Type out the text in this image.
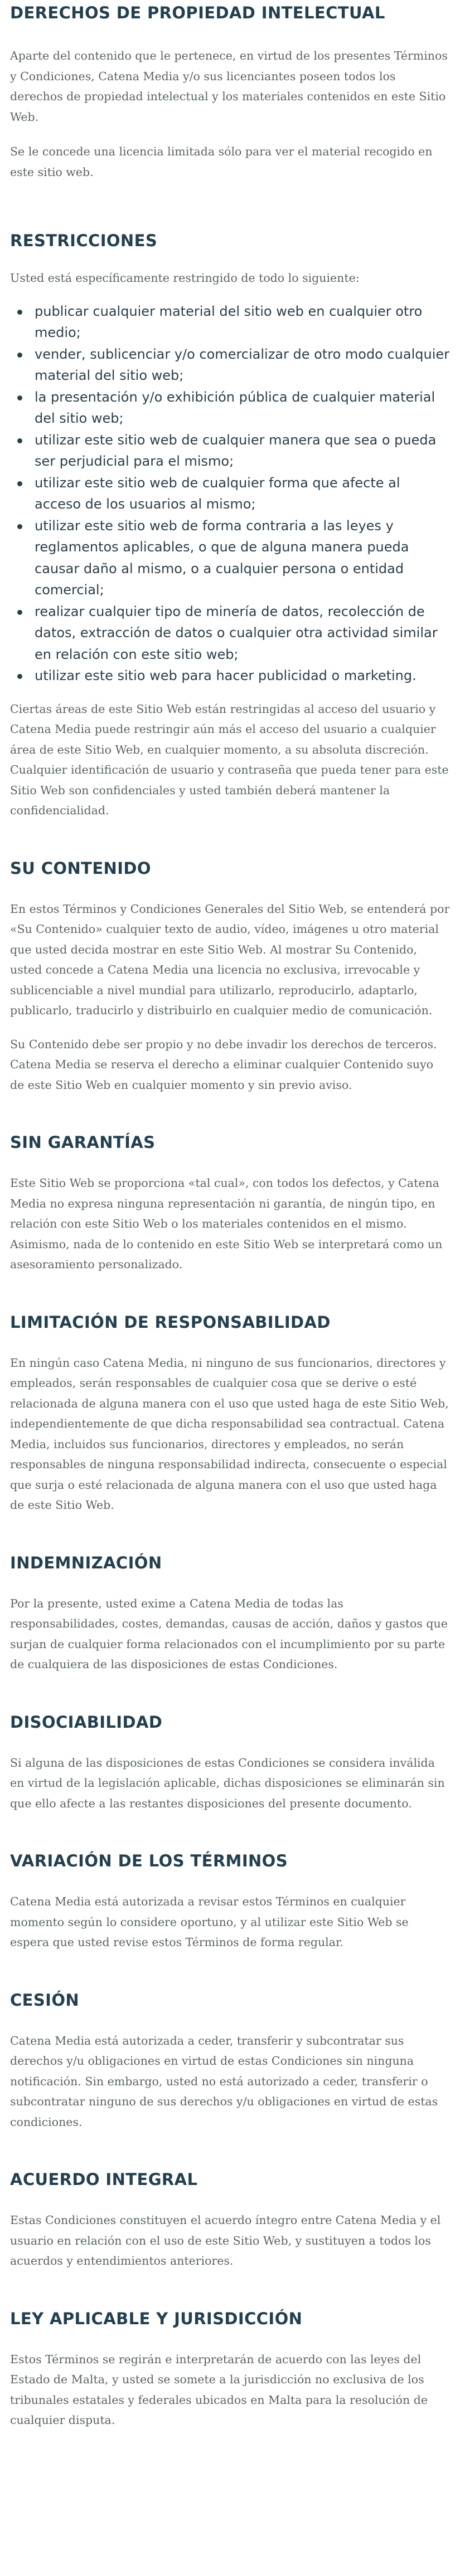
DERECHOS DE PROPIEDAD INTELECTUAL

Aparte del contenido que le pertenece, en virtud de los presentes Términos y Condiciones, Catena Media y/o sus licenciantes poseen todos los derechos de propiedad intelectual y los materiales contenidos en este Sitio Web.

Se le concede una licencia limitada sólo para ver el material recogido en este sitio web.

RESTRICCIONES

Usted está específicamente restringido de todo lo siguiente:

publicar cualquier material del sitio web en cualquier otro medio;
vender, sublicenciar y/o comercializar de otro modo cualquier material del sitio web;
la presentación y/o exhibición pública de cualquier material del sitio web;
utilizar este sitio web de cualquier manera que sea o pueda ser perjudicial para el mismo;
utilizar este sitio web de cualquier forma que afecte al acceso de los usuarios al mismo;
utilizar este sitio web de forma contraria a las leyes y reglamentos aplicables, o que de alguna manera pueda causar daño al mismo, o a cualquier persona o entidad comercial;
realizar cualquier tipo de minería de datos, recolección de datos, extracción de datos o cualquier otra actividad similar en relación con este sitio web;
utilizar este sitio web para hacer publicidad o marketing.

Ciertas áreas de este Sitio Web están restringidas al acceso del usuario y Catena Media puede restringir aún más el acceso del usuario a cualquier área de este Sitio Web, en cualquier momento, a su absoluta discreción. Cualquier identificación de usuario y contraseña que pueda tener para este Sitio Web son confidenciales y usted también deberá mantener la confidencialidad.

SU CONTENIDO

En estos Términos y Condiciones Generales del Sitio Web, se entenderá por «Su Contenido» cualquier texto de audio, vídeo, imágenes u otro material que usted decida mostrar en este Sitio Web. Al mostrar Su Contenido, usted concede a Catena Media una licencia no exclusiva, irrevocable y sublicenciable a nivel mundial para utilizarlo, reproducirlo, adaptarlo, publicarlo, traducirlo y distribuirlo en cualquier medio de comunicación.

Su Contenido debe ser propio y no debe invadir los derechos de terceros. Catena Media se reserva el derecho a eliminar cualquier Contenido suyo de este Sitio Web en cualquier momento y sin previo aviso.

SIN GARANTÍAS

Este Sitio Web se proporciona «tal cual», con todos los defectos, y Catena Media no expresa ninguna representación ni garantía, de ningún tipo, en relación con este Sitio Web o los materiales contenidos en el mismo. Asimismo, nada de lo contenido en este Sitio Web se interpretará como un asesoramiento personalizado.

LIMITACIÓN DE RESPONSABILIDAD

En ningún caso Catena Media, ni ninguno de sus funcionarios, directores y empleados, serán responsables de cualquier cosa que se derive o esté relacionada de alguna manera con el uso que usted haga de este Sitio Web, independientemente de que dicha responsabilidad sea contractual. Catena Media, incluidos sus funcionarios, directores y empleados, no serán responsables de ninguna responsabilidad indirecta, consecuente o especial que surja o esté relacionada de alguna manera con el uso que usted haga de este Sitio Web.

INDEMNIZACIÓN

Por la presente, usted exime a Catena Media de todas las responsabilidades, costes, demandas, causas de acción, daños y gastos que surjan de cualquier forma relacionados con el incumplimiento por su parte de cualquiera de las disposiciones de estas Condiciones.

DISOCIABILIDAD

Si alguna de las disposiciones de estas Condiciones se considera inválida en virtud de la legislación aplicable, dichas disposiciones se eliminarán sin que ello afecte a las restantes disposiciones del presente documento.

VARIACIÓN DE LOS TÉRMINOS

Catena Media está autorizada a revisar estos Términos en cualquier momento según lo considere oportuno, y al utilizar este Sitio Web se espera que usted revise estos Términos de forma regular.

CESIÓN

Catena Media está autorizada a ceder, transferir y subcontratar sus derechos y/u obligaciones en virtud de estas Condiciones sin ninguna notificación. Sin embargo, usted no está autorizado a ceder, transferir o subcontratar ninguno de sus derechos y/u obligaciones en virtud de estas condiciones.

ACUERDO INTEGRAL

Estas Condiciones constituyen el acuerdo íntegro entre Catena Media y el usuario en relación con el uso de este Sitio Web, y sustituyen a todos los acuerdos y entendimientos anteriores.

LEY APLICABLE Y JURISDICCIÓN

Estos Términos se regirán e interpretarán de acuerdo con las leyes del Estado de Malta, y usted se somete a la jurisdicción no exclusiva de los tribunales estatales y federales ubicados en Malta para la resolución de cualquier disputa.
